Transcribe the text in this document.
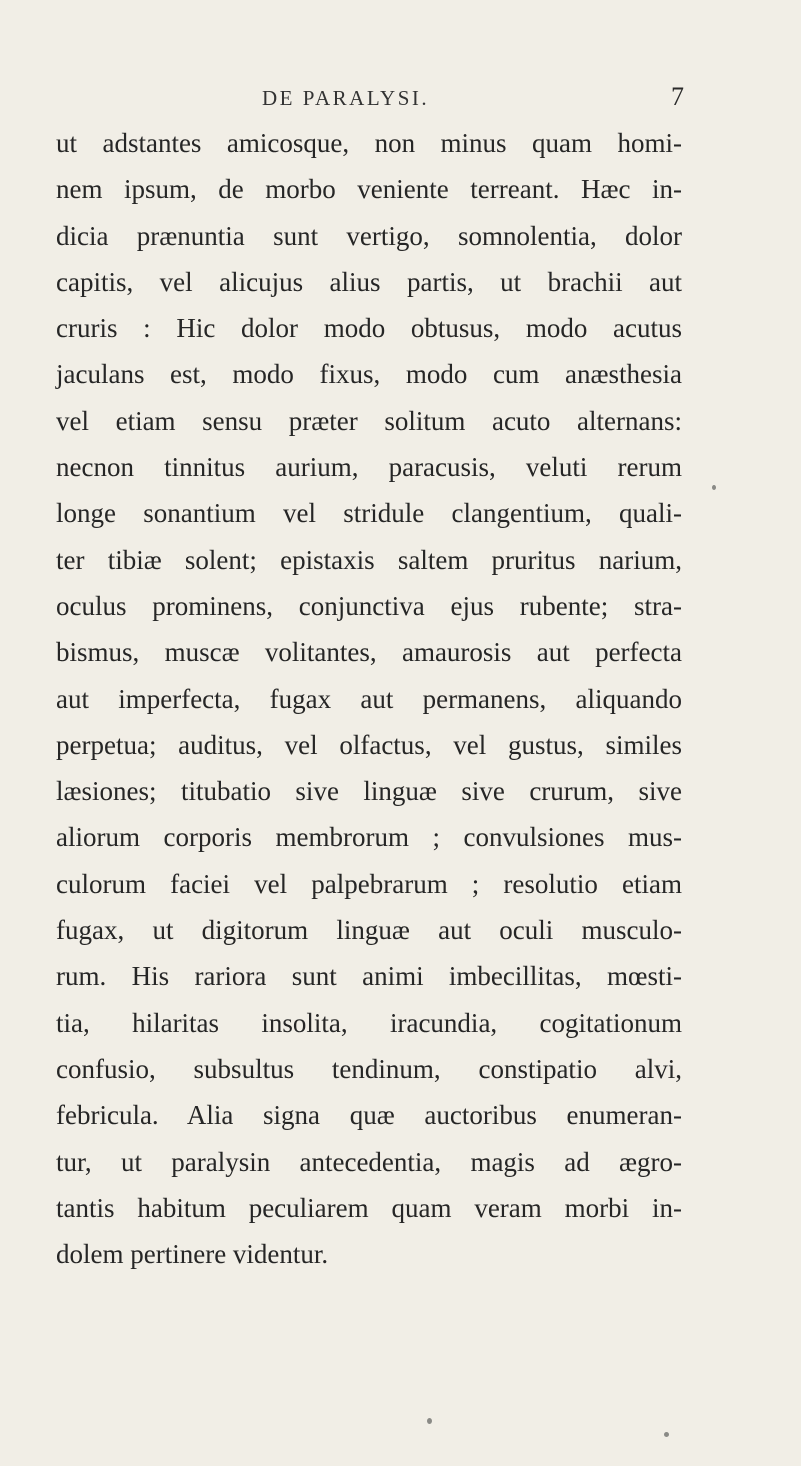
DE PARALYSI.	7
ut adstantes amicosque, non minus quam homi-
nem ipsum, de morbo veniente terreant. Hæc in-
dicia prænuntia sunt vertigo, somnolentia, dolor
capitis, vel alicujus alius partis, ut brachii aut
cruris : Hic dolor modo obtusus, modo acutus
jaculans est, modo fixus, modo cum anæsthesia
vel etiam sensu præter solitum acuto alternans:
necnon tinnitus aurium, paracusis, veluti rerum
longe sonantium vel stridule clangentium, quali-
ter tibiæ solent; epistaxis saltem pruritus narium,
oculus prominens, conjunctiva ejus rubente; stra-
bismus, muscæ volitantes, amaurosis aut perfecta
aut imperfecta, fugax aut permanens, aliquando
perpetua; auditus, vel olfactus, vel gustus, similes
læsiones; titubatio sive linguæ sive crurum, sive
aliorum corporis membrorum ; convulsiones mus-
culorum faciei vel palpebrarum ; resolutio etiam
fugax, ut digitorum linguæ aut oculi musculo-
rum. His rariora sunt animi imbecillitas, mœsti-
tia, hilaritas insolita, iracundia, cogitationum
confusio, subsultus tendinum, constipatio alvi,
febricula. Alia signa quæ auctoribus enumeran-
tur, ut paralysin antecedentia, magis ad ægro-
tantis habitum peculiarem quam veram morbi in-
dolem pertinere videntur.
